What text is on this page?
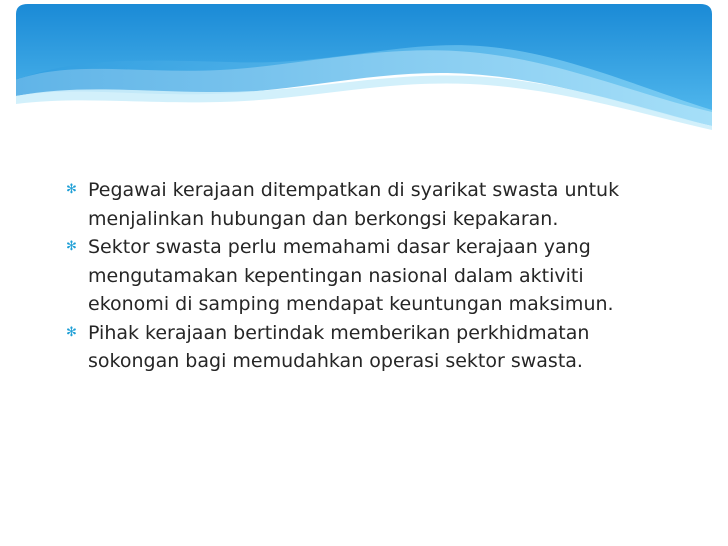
✻ Pegawai kerajaan ditempatkan di syarikat swasta untuk menjalinkan hubungan dan berkongsi kepakaran.

✻ Sektor swasta perlu memahami dasar kerajaan yang mengutamakan kepentingan nasional dalam aktiviti ekonomi di samping mendapat keuntungan maksimun.

✻ Pihak kerajaan bertindak memberikan perkhidmatan sokongan bagi memudahkan operasi sektor swasta.
